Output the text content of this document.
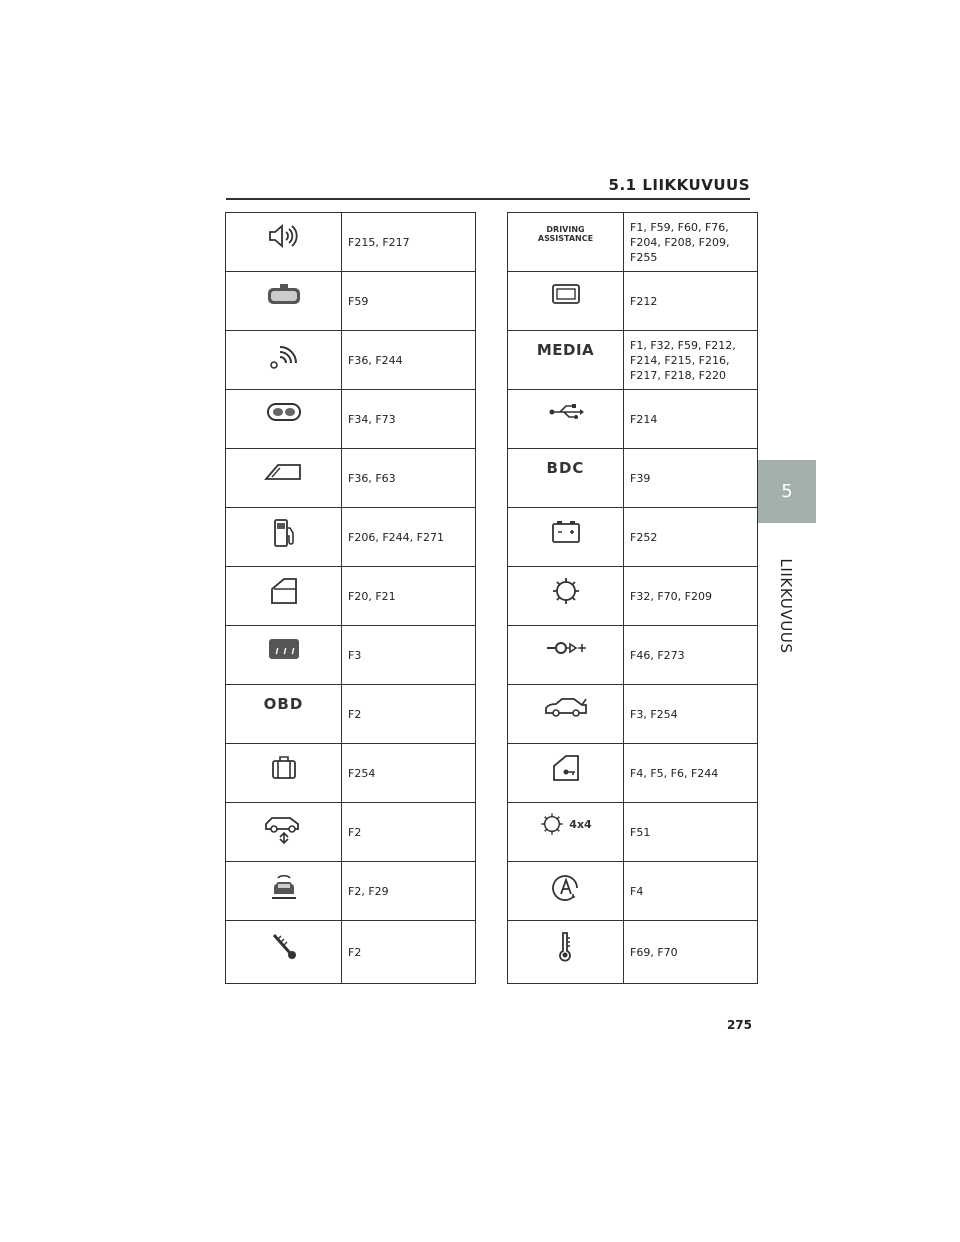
5.1 LIIKKUVUUS
5
LIIKKUVUUS
	F215, F217

	F59

	F36, F244

	F34, F73

	F36, F63

	F206, F244, F271

	F20, F21

	F3
OBD	F2

	F254

	F2

	F2, F29

	F2
DRIVING
ASSISTANCE	F1, F59, F60, F76, F204, F208, F209, F255

	F212
MEDIA	F1, F32, F59, F212, F214, F215, F216, F217, F218, F220

	F214
BDC	F39

	F252

	F32, F70, F209

	F46, F273

	F3, F254

	F4, F5, F6, F244

4x4	F51

	F4

	F69, F70
275
